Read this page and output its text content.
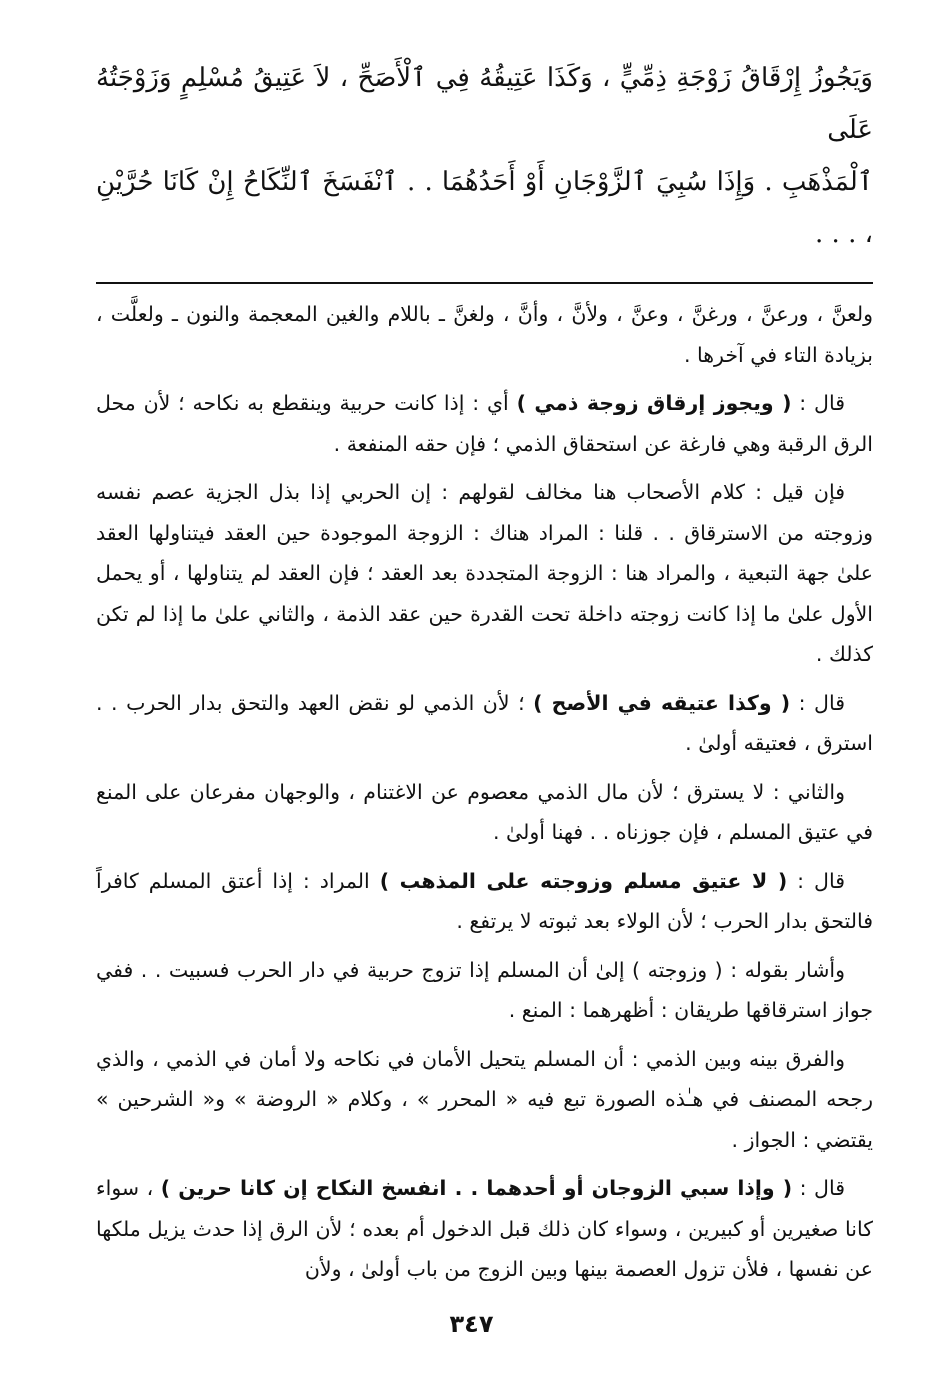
وَيَجُوزُ إِرْقَاقُ زَوْجَةِ ذِمِّيٍّ ، وَكَذَا عَتِيقُهُ فِي ٱلْأَصَحِّ ، لاَ عَتِيقُ مُسْلِمٍ وَزَوْجَتُهُ عَلَى
ٱلْمَذْهَبِ . وَإِذَا سُبِيَ ٱلزَّوْجَانِ أَوْ أَحَدُهُمَا . . ٱنْفَسَخَ ٱلنِّكَاحُ إِنْ كَانَا حُرَّيْنِ ، . . .

ولعنَّ ، ورعنَّ ، ورغنَّ ، وعنَّ ، ولأنَّ ، وأنَّ ، ولغنَّ ـ باللام والغين المعجمة والنون ـ ولعلَّت ، بزيادة التاء في آخرها .

قال : ( ويجوز إرقاق زوجة ذمي ) أي : إذا كانت حربية وينقطع به نكاحه ؛ لأن محل الرق الرقبة وهي فارغة عن استحقاق الذمي ؛ فإن حقه المنفعة .

فإن قيل : كلام الأصحاب هنا مخالف لقولهم : إن الحربي إذا بذل الجزية عصم نفسه وزوجته من الاسترقاق . . قلنا : المراد هناك : الزوجة الموجودة حين العقد فيتناولها العقد علىٰ جهة التبعية ، والمراد هنا : الزوجة المتجددة بعد العقد ؛ فإن العقد لم يتناولها ، أو يحمل الأول علىٰ ما إذا كانت زوجته داخلة تحت القدرة حين عقد الذمة ، والثاني علىٰ ما إذا لم تكن كذلك .

قال : ( وكذا عتيقه في الأصح ) ؛ لأن الذمي لو نقض العهد والتحق بدار الحرب . . استرق ، فعتيقه أولىٰ .

والثاني : لا يسترق ؛ لأن مال الذمي معصوم عن الاغتنام ، والوجهان مفرعان على المنع في عتيق المسلم ، فإن جوزناه . . فهنا أولىٰ .

قال : ( لا عتيق مسلم وزوجته على المذهب ) المراد : إذا أعتق المسلم كافراً فالتحق بدار الحرب ؛ لأن الولاء بعد ثبوته لا يرتفع .

وأشار بقوله : ( وزوجته ) إلىٰ أن المسلم إذا تزوج حربية في دار الحرب فسبيت . . ففي جواز استرقاقها طريقان : أظهرهما : المنع .

والفرق بينه وبين الذمي : أن المسلم يتحيل الأمان في نكاحه ولا أمان في الذمي ، والذي رجحه المصنف في هـٰذه الصورة تبع فيه « المحرر » ، وكلام « الروضة » و« الشرحين » يقتضي : الجواز .

قال : ( وإذا سبي الزوجان أو أحدهما . . انفسخ النكاح إن كانا حرين ) ، سواء كانا صغيرين أو كبيرين ، وسواء كان ذلك قبل الدخول أم بعده ؛ لأن الرق إذا حدث يزيل ملكها عن نفسها ، فلأن تزول العصمة بينها وبين الزوج من باب أولىٰ ، ولأن

٣٤٧
